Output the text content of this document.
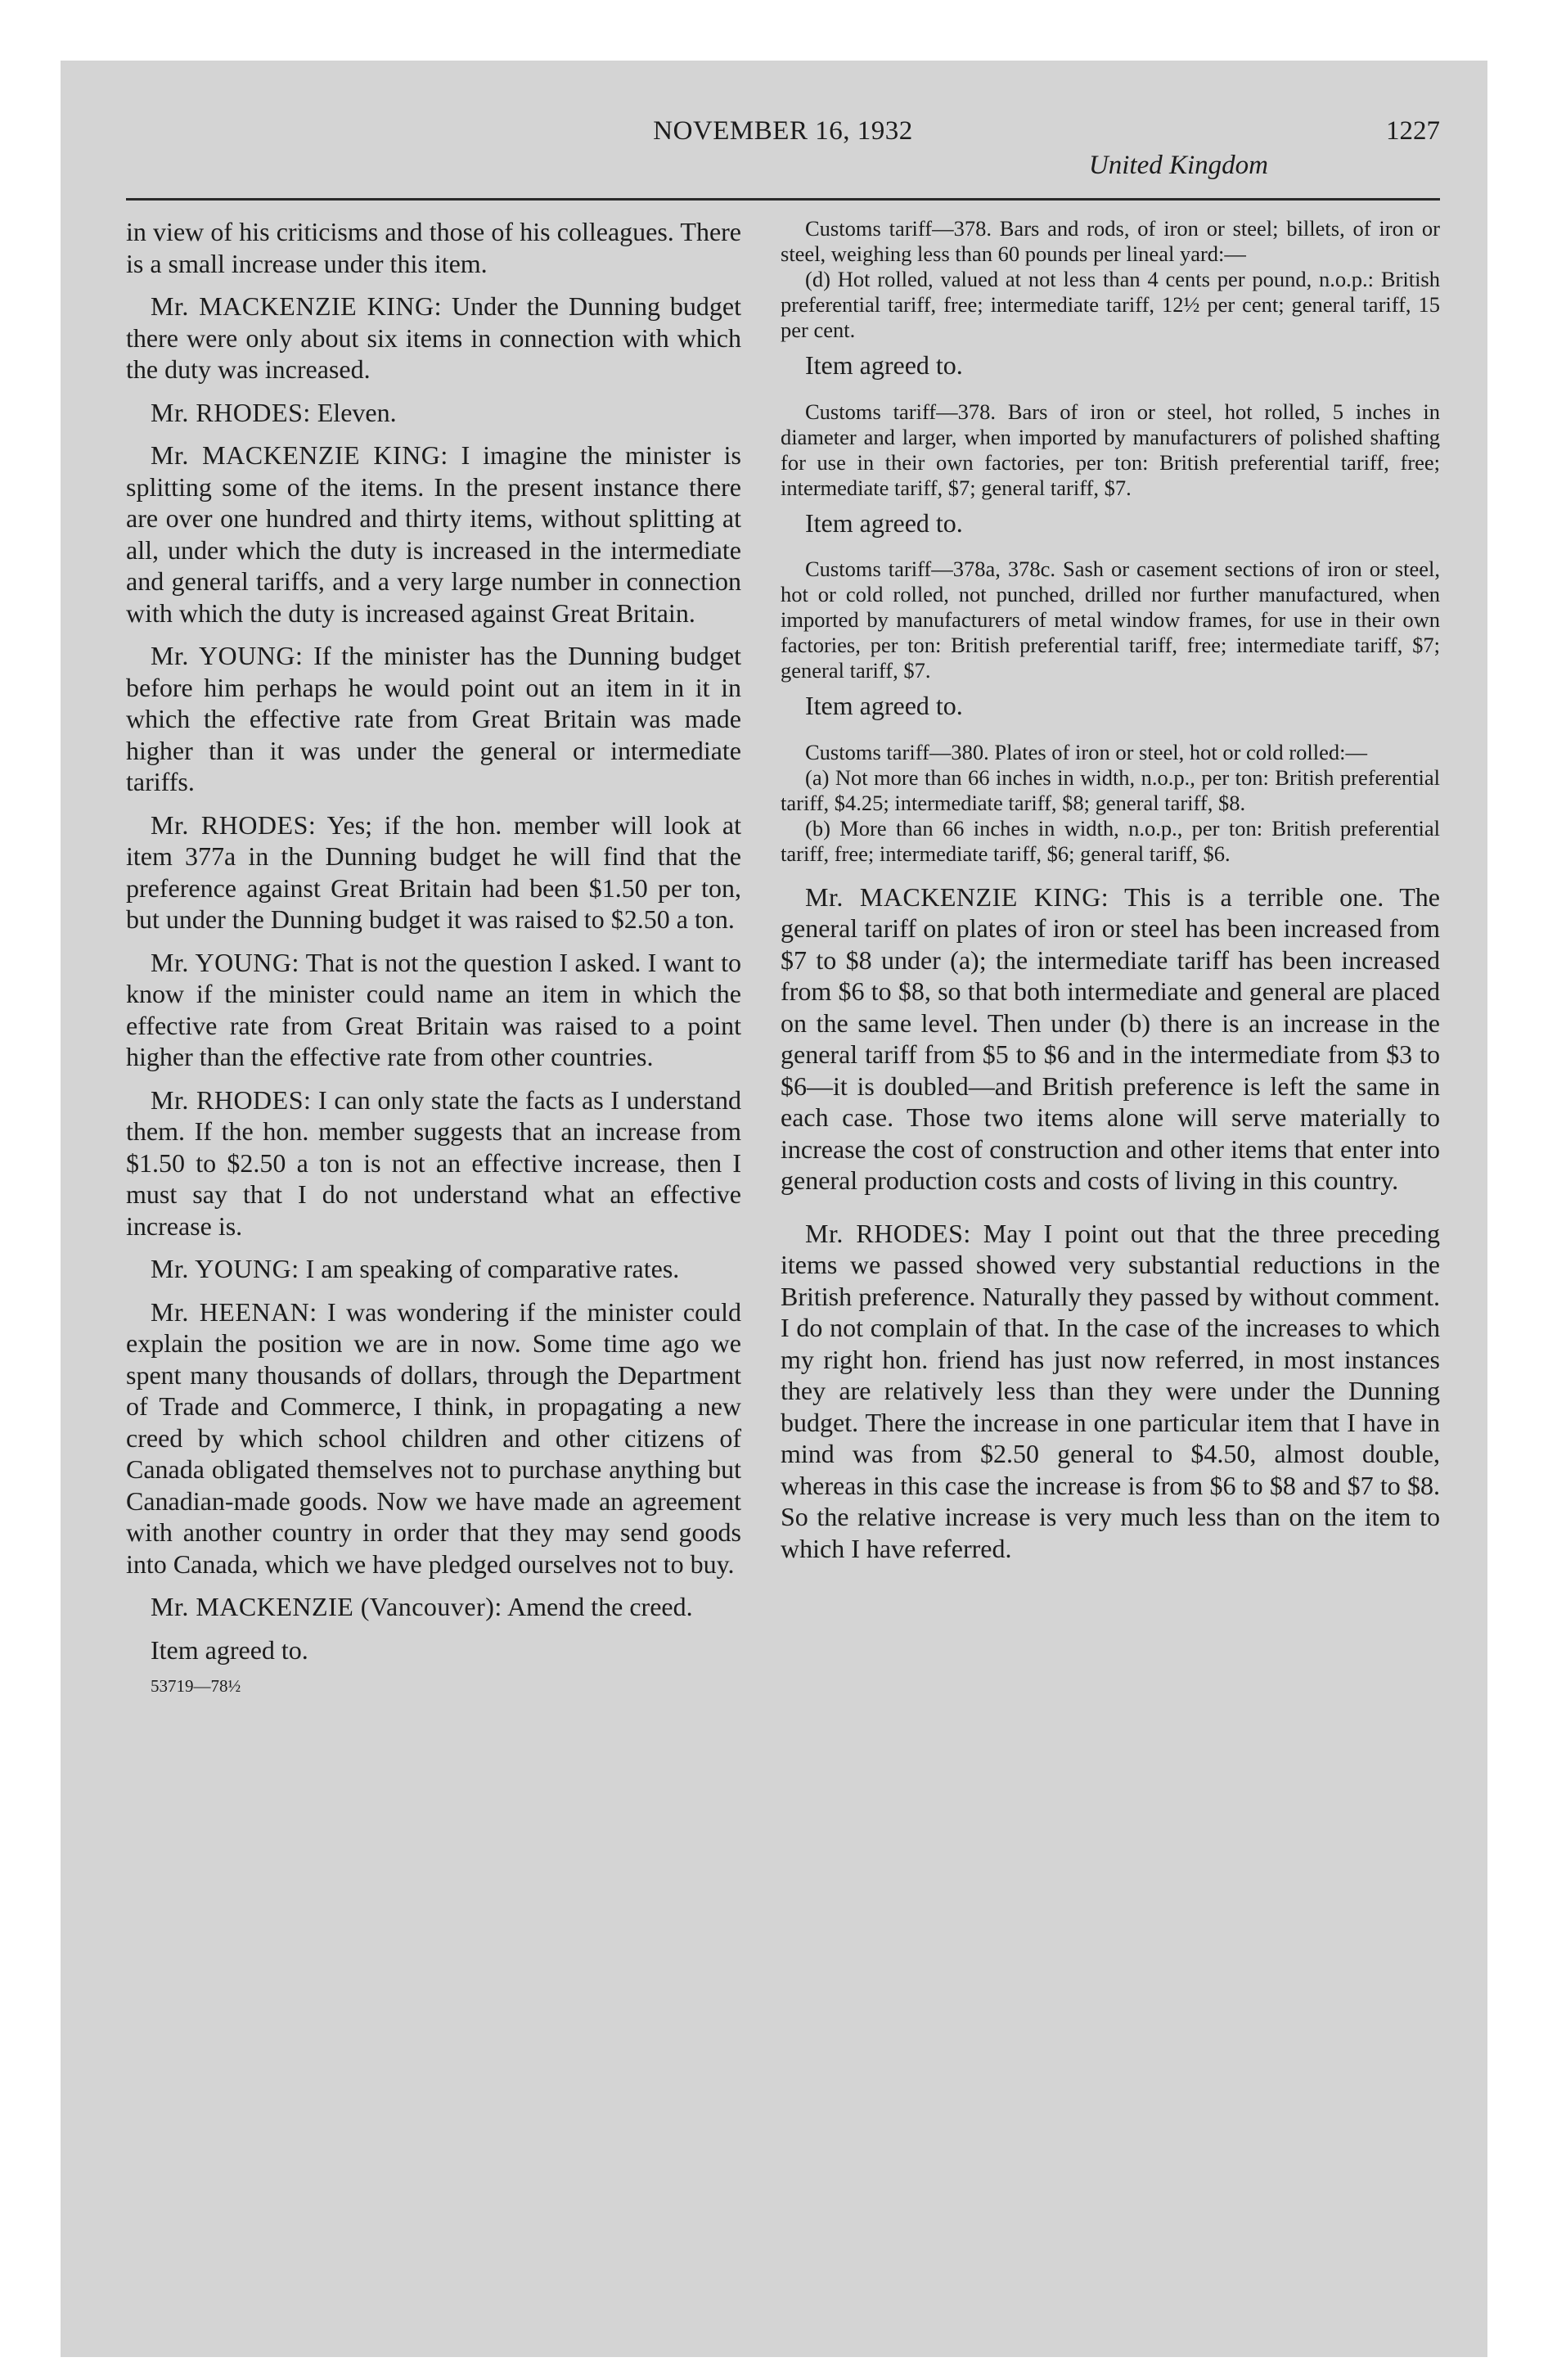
NOVEMBER 16, 1932
United Kingdom
1227

in view of his criticisms and those of his colleagues. There is a small increase under this item.

Mr. MACKENZIE KING: Under the Dunning budget there were only about six items in connection with which the duty was increased.

Mr. RHODES: Eleven.

Mr. MACKENZIE KING: I imagine the minister is splitting some of the items. In the present instance there are over one hundred and thirty items, without splitting at all, under which the duty is increased in the intermediate and general tariffs, and a very large number in connection with which the duty is increased against Great Britain.

Mr. YOUNG: If the minister has the Dunning budget before him perhaps he would point out an item in it in which the effective rate from Great Britain was made higher than it was under the general or intermediate tariffs.

Mr. RHODES: Yes; if the hon. member will look at item 377a in the Dunning budget he will find that the preference against Great Britain had been $1.50 per ton, but under the Dunning budget it was raised to $2.50 a ton.

Mr. YOUNG: That is not the question I asked. I want to know if the minister could name an item in which the effective rate from Great Britain was raised to a point higher than the effective rate from other countries.

Mr. RHODES: I can only state the facts as I understand them. If the hon. member suggests that an increase from $1.50 to $2.50 a ton is not an effective increase, then I must say that I do not understand what an effective increase is.

Mr. YOUNG: I am speaking of comparative rates.

Mr. HEENAN: I was wondering if the minister could explain the position we are in now. Some time ago we spent many thousands of dollars, through the Department of Trade and Commerce, I think, in propagating a new creed by which school children and other citizens of Canada obligated themselves not to purchase anything but Canadian-made goods. Now we have made an agreement with another country in order that they may send goods into Canada, which we have pledged ourselves not to buy.

Mr. MACKENZIE (Vancouver): Amend the creed.

Item agreed to.

53719—78½

Customs tariff—378. Bars and rods, of iron or steel; billets, of iron or steel, weighing less than 60 pounds per lineal yard:—

(d) Hot rolled, valued at not less than 4 cents per pound, n.o.p.: British preferential tariff, free; intermediate tariff, 12½ per cent; general tariff, 15 per cent.

Item agreed to.

Customs tariff—378. Bars of iron or steel, hot rolled, 5 inches in diameter and larger, when imported by manufacturers of polished shafting for use in their own factories, per ton: British preferential tariff, free; intermediate tariff, $7; general tariff, $7.

Item agreed to.

Customs tariff—378a, 378c. Sash or casement sections of iron or steel, hot or cold rolled, not punched, drilled nor further manufactured, when imported by manufacturers of metal window frames, for use in their own factories, per ton: British preferential tariff, free; intermediate tariff, $7; general tariff, $7.

Item agreed to.

Customs tariff—380. Plates of iron or steel, hot or cold rolled:—

(a) Not more than 66 inches in width, n.o.p., per ton: British preferential tariff, $4.25; intermediate tariff, $8; general tariff, $8.

(b) More than 66 inches in width, n.o.p., per ton: British preferential tariff, free; intermediate tariff, $6; general tariff, $6.

Mr. MACKENZIE KING: This is a terrible one. The general tariff on plates of iron or steel has been increased from $7 to $8 under (a); the intermediate tariff has been increased from $6 to $8, so that both intermediate and general are placed on the same level. Then under (b) there is an increase in the general tariff from $5 to $6 and in the intermediate from $3 to $6—it is doubled—and British preference is left the same in each case. Those two items alone will serve materially to increase the cost of construction and other items that enter into general production costs and costs of living in this country.

Mr. RHODES: May I point out that the three preceding items we passed showed very substantial reductions in the British preference. Naturally they passed by without comment. I do not complain of that. In the case of the increases to which my right hon. friend has just now referred, in most instances they are relatively less than they were under the Dunning budget. There the increase in one particular item that I have in mind was from $2.50 general to $4.50, almost double, whereas in this case the increase is from $6 to $8 and $7 to $8. So the relative increase is very much less than on the item to which I have referred.
